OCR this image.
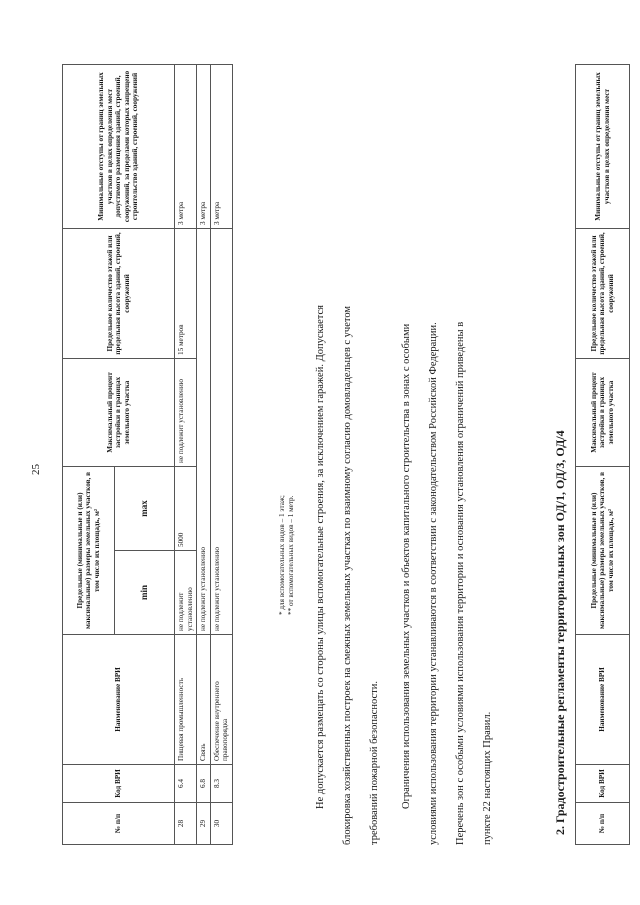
25
№ п/п	Код ВРИ	Наименование ВРИ	Предельные (минимальные и (или) максимальные) размеры земельных участков, в том числе их площадь, м²		Максимальный процент застройки в границах земельного участка	Предельное количество этажей или предельная высота зданий, строений, сооружений	Минимальные отступы от границ земельных участков в целях определения мест допустимого размещения зданий, строений, сооружений, за пределами которых запрещено строительство зданий, строений, сооружений
			min	max			
28	6.4	Пищевая промышленность	не подлежит установлению	5000	не подлежит установлению	15 метров	3 метра
29	6.8	Связь	не подлежит установлению				3 метра
30	8.3	Обеспечение внутреннего правопорядка	не подлежит установлению				3 метра
* для вспомогательных видов – 1 этаж; ** от вспомогательных видов – 1 метр. Не допускается размещать со стороны улицы вспомогательные строения, за исключением гаражей. Допускается блокировка хозяйственных построек на смежных земельных участках по взаимному согласию домовладельцев с учетом требований пожарной безопасности. Ограничения использования земельных участков и объектов капитального строительства в зонах с особыми условиями использования территории устанавливаются в соответствии с законодательством Российской Федерации. Перечень зон с особыми условиями использования территории и основания установления ограничений приведены в пункте 22 настоящих Правил.	2. Градостроительные регламенты территориальных зон ОД/1, ОД/3, ОД/4	№ п/п	Код ВРИ	Наименование ВРИ	Предельные (минимальные и (или) максимальные) размеры земельных участков, в том числе их площадь, м²	Максимальный процент застройки в границах земельного участка	Предельное количество этажей или предельная высота зданий, строений, сооружений	Минимальные отступы от границ земельных участков в целях определения мест
